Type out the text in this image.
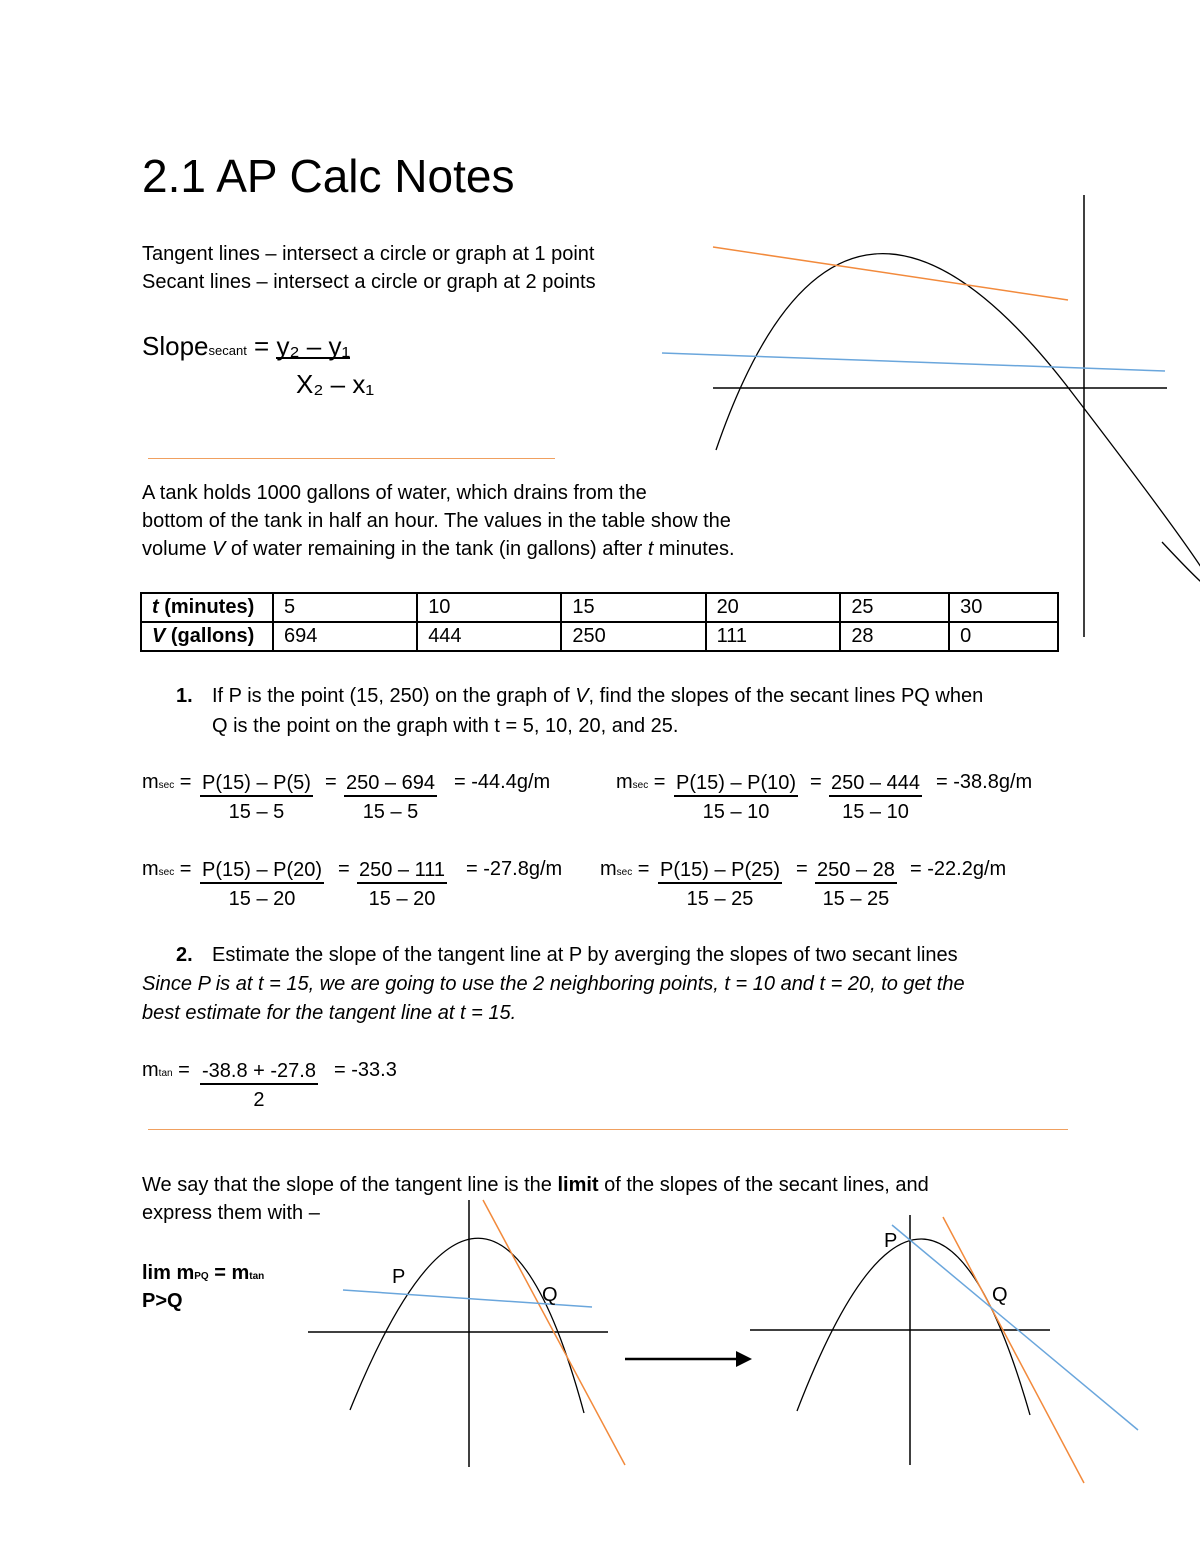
2.1 AP Calc Notes
Tangent lines – intersect a circle or graph at 1 point
Secant lines – intersect a circle or graph at 2 points
Slopesecant = y₂ – y₁
X₂ – x₁
A tank holds 1000 gallons of water, which drains from the
bottom of the tank in half an hour. The values in the table show the
volume V of water remaining in the tank (in gallons) after t minutes.
t (minutes)	5	10	15	20	25	30
V (gallons)	694	444	250	111	28	0
1. If P is the point (15, 250) on the graph of V, find the slopes of the secant lines PQ when
Q is the point on the graph with t = 5, 10, 20, and 25.
$msec = \frac{P(15) - P(5)}{15 - 5} = \frac{250 - 694}{15 - 5} = -44.4g/m$	$msec = \frac{P(15) - P(10)}{15 - 10} = \frac{250 - 444}{15 - 10} = -38.8g/m$
$msec = \frac{P(15) - P(20)}{15 - 20} = \frac{250 - 111}{15 - 20} = -27.8g/m$ $msec = \frac{P(15) - P(25)}{15 - 25} = \frac{250 - 28}{15 - 25} = -22.2g/m$
2. Estimate the slope of the tangent line at P by averging the slopes of two secant lines
Since P is at t = 15, we are going to use the 2 neighboring points, t = 10 and t = 20, to get the
best estimate for the tangent line at t = 15.
$mtan = \frac{-38.8 + -27.8}{2} = -33.3$
We say that the slope of the tangent line is the limit of the slopes of the secant lines, and
express them with –
lim mPQ = mtan
P>Q
P
Q
P
Q
